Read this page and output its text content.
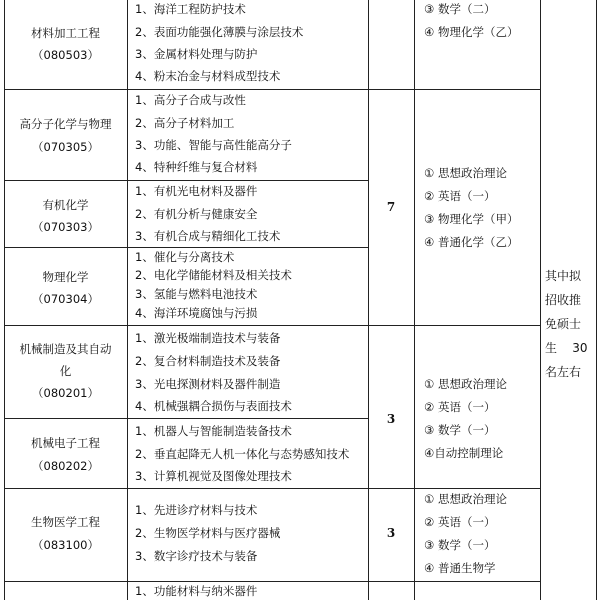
材料加工工程
（080503）
1、海洋工程防护技术
2、表面功能强化薄膜与涂层技术
3、金属材料处理与防护
4、粉末冶金与材料成型技术
③ 数学（二）
④ 物理化学（乙）
高分子化学与物理
（070305）
1、高分子合成与改性
2、高分子材料加工
3、功能、智能与高性能高分子
4、特种纤维与复合材料
有机化学
（070303）
1、有机光电材料及器件
2、有机分析与健康安全
3、有机合成与精细化工技术
7
① 思想政治理论
② 英语（一）
③ 物理化学（甲）
④ 普通化学（乙）
物理化学
（070304）
1、催化与分离技术
2、电化学储能材料及相关技术
3、氢能与燃料电池技术
4、海洋环境腐蚀与污损
机械制造及其自动
化
（080201）
1、激光极端制造技术与装备
2、复合材料制造技术及装备
3、光电探测材料及器件制造
4、机械强耦合损伤与表面技术
3
① 思想政治理论
② 英语（一）
③ 数学（一）
④自动控制理论
机械电子工程
（080202）
1、机器人与智能制造装备技术
2、垂直起降无人机一体化与态势感知技术
3、计算机视觉及图像处理技术
生物医学工程
（083100）
1、先进诊疗材料与技术
2、生物医学材料与医疗器械
3、数字诊疗技术与装备
3
① 思想政治理论
② 英语（一）
③ 数学（一）
④ 普通生物学
1、功能材料与纳米器件
其中拟
招收推
免硕士
生    30
名左右
